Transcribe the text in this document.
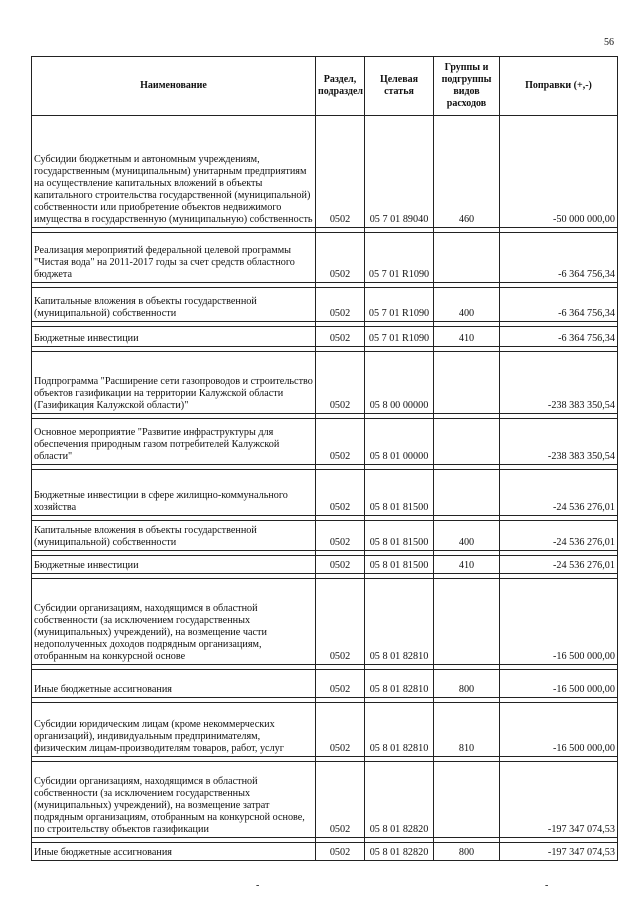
56
Наименование	Раздел, подраздел	Целевая статья	Группы и подгруппы видов расходов	Поправки (+,-)
Субсидии бюджетным и автономным учреждениям, государственным (муниципальным) унитарным предприятиям на осуществление капитальных вложений в объекты капитального строительства государственной (муниципальной) собственности или приобретение объектов недвижимого имущества в государственную (муниципальную) собственность	0502	05 7 01 89040	460	-50 000 000,00

Реализация мероприятий федеральной целевой программы "Чистая вода" на 2011-2017 годы за счет средств областного бюджета	0502	05 7 01 R1090		-6 364 756,34

Капитальные вложения в объекты государственной (муниципальной) собственности	0502	05 7 01 R1090	400	-6 364 756,34

Бюджетные инвестиции	0502	05 7 01 R1090	410	-6 364 756,34

Подпрограмма "Расширение сети газопроводов и строительство объектов газификации на территории Калужской области (Газификация Калужской области)"	0502	05 8 00 00000		-238 383 350,54

Основное мероприятие "Развитие инфраструктуры для обеспечения природным газом потребителей Калужской области"	0502	05 8 01 00000		-238 383 350,54

Бюджетные инвестиции в сфере жилищно-коммунального хозяйства	0502	05 8 01 81500		-24 536 276,01

Капитальные вложения в объекты государственной (муниципальной) собственности	0502	05 8 01 81500	400	-24 536 276,01

Бюджетные инвестиции	0502	05 8 01 81500	410	-24 536 276,01

Субсидии организациям, находящимся в областной собственности (за исключением государственных (муниципальных) учреждений), на возмещение части недополученных доходов подрядным организациям, отобранным на конкурсной основе	0502	05 8 01 82810		-16 500 000,00

Иные бюджетные ассигнования	0502	05 8 01 82810	800	-16 500 000,00

Субсидии юридическим лицам (кроме некоммерческих организаций), индивидуальным предпринимателям, физическим лицам-производителям товаров, работ, услуг	0502	05 8 01 82810	810	-16 500 000,00

Субсидии организациям, находящимся в областной собственности (за исключением государственных (муниципальных) учреждений), на возмещение затрат подрядным организациям, отобранным на конкурсной основе, по строительству объектов газификации	0502	05 8 01 82820		-197 347 074,53

Иные бюджетные ассигнования	0502	05 8 01 82820	800	-197 347 074,53
-	-
